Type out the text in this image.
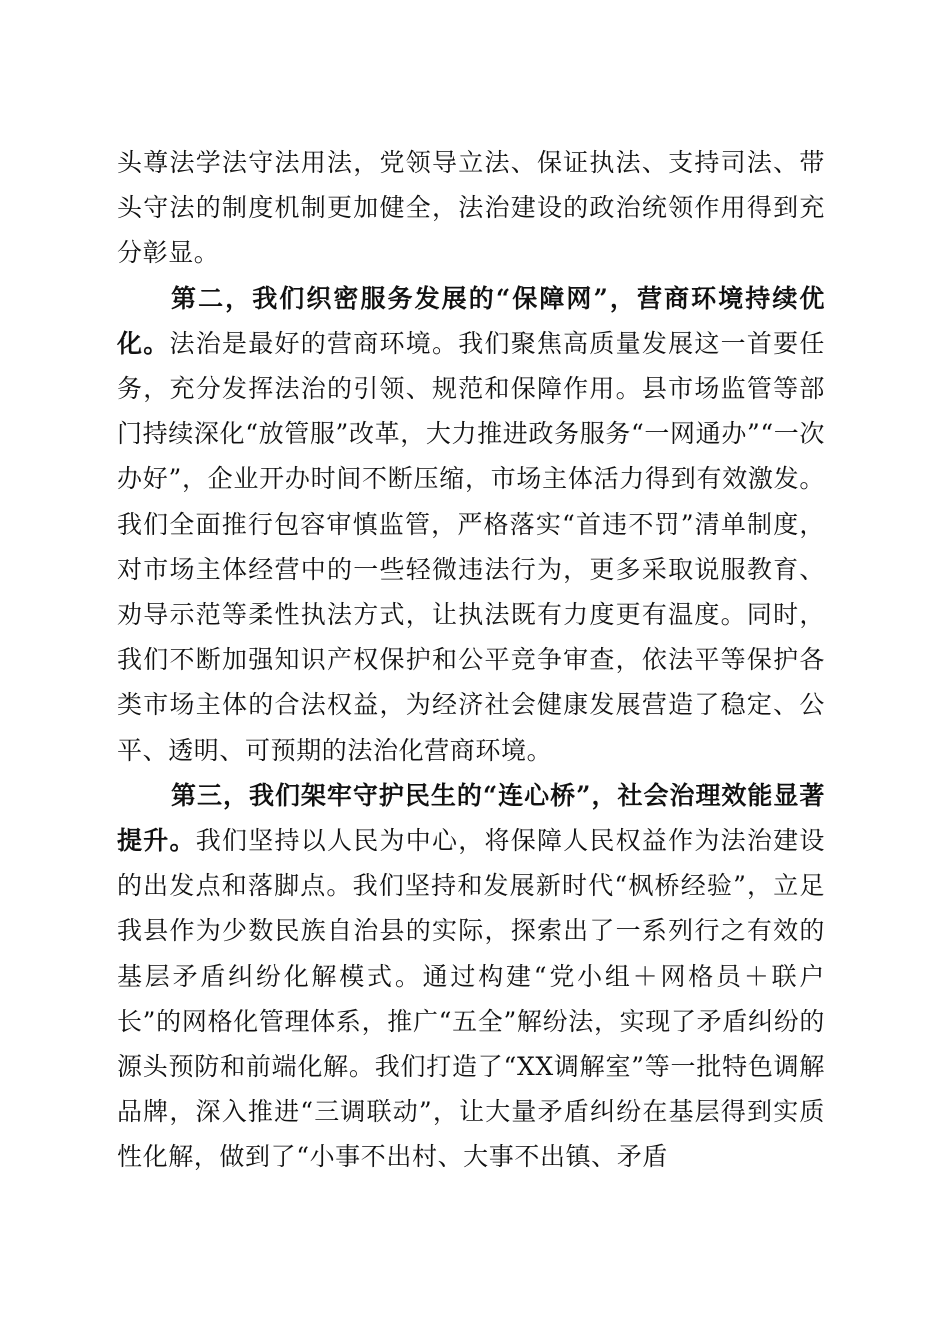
头尊法学法守法用法，党领导立法、保证执法、支持司法、带头守法的制度机制更加健全，法治建设的政治统领作用得到充分彰显。

第二，我们织密服务发展的“保障网”，营商环境持续优化。法治是最好的营商环境。我们聚焦高质量发展这一首要任务，充分发挥法治的引领、规范和保障作用。县市场监管等部门持续深化“放管服”改革，大力推进政务服务“一网通办”“一次办好”，企业开办时间不断压缩，市场主体活力得到有效激发。我们全面推行包容审慎监管，严格落实“首违不罚”清单制度，对市场主体经营中的一些轻微违法行为，更多采取说服教育、劝导示范等柔性执法方式，让执法既有力度更有温度。同时，我们不断加强知识产权保护和公平竞争审查，依法平等保护各类市场主体的合法权益，为经济社会健康发展营造了稳定、公平、透明、可预期的法治化营商环境。

第三，我们架牢守护民生的“连心桥”，社会治理效能显著提升。我们坚持以人民为中心，将保障人民权益作为法治建设的出发点和落脚点。我们坚持和发展新时代“枫桥经验”，立足我县作为少数民族自治县的实际，探索出了一系列行之有效的基层矛盾纠纷化解模式。通过构建“党小组＋网格员＋联户长”的网格化管理体系，推广“五全”解纷法，实现了矛盾纠纷的源头预防和前端化解。我们打造了“XX调解室”等一批特色调解品牌，深入推进“三调联动”，让大量矛盾纠纷在基层得到实质性化解，做到了“小事不出村、大事不出镇、矛盾
